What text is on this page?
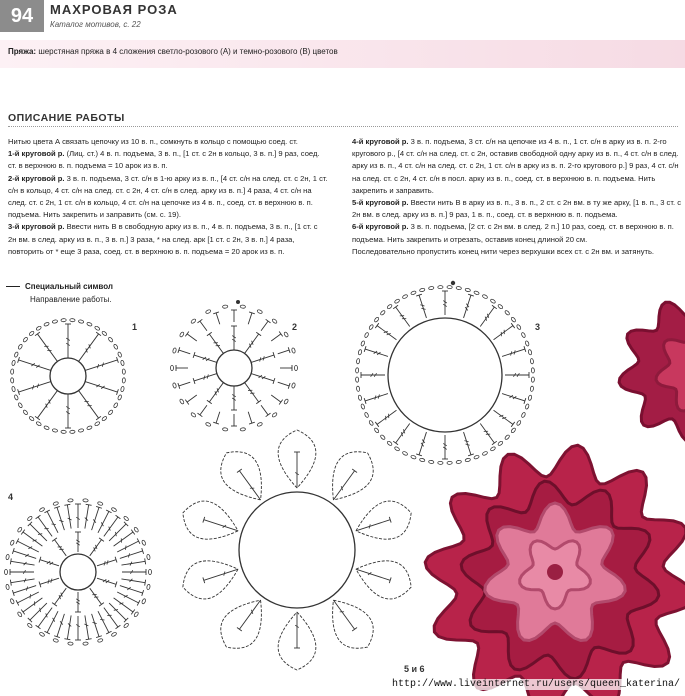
94	МАХРОВАЯ РОЗА
Каталог мотивов, с. 22
Пряжа: шерстяная пряжа в 4 сложения светло-розового (А) и темно-розового (В) цветов
ОПИСАНИЕ РАБОТЫ

Нитью цвета А связать цепочку из 10 в. п., сомкнуть в кольцо с помощью соед. ст.

1-й круговой р. (Лиц. ст.) 4 в. п. подъема, 3 в. п., [1 ст. с 2н в кольцо, 3 в. п.] 9 раз, соед. ст. в верхнюю в. п. подъема = 10 арок из в. п.

2-й круговой р. 3 в. п. подъема, 3 ст. с/н в 1-ю арку из в. п., [4 ст. с/н на след. ст. с 2н, 1 ст. с/н в кольцо, 4 ст. с/н на след. ст. с 2н, 4 ст. с/н в след. арку из в. п.] 4 раза, 4 ст. с/н на след. ст. с 2н, 1 ст. с/н в кольцо, 4 ст. с/н на цепочке из 4 в. п., соед. ст. в верхнюю в. п. подъема. Нить закрепить и заправить (см. с. 19).

3-й круговой р. Ввести нить В в свободную арку из в. п., 4 в. п. подъема, 3 в. п., [1 ст. с 2н вм. в след. арку из в. п., 3 в. п.] 3 раза, * на след. арк [1 ст. с 2н, 3 в. п.] 4 раза, повторить от * еще 3 раза, соед. ст. в верхнюю в. п. подъема = 20 арок из в. п.

4-й круговой р. 3 в. п. подъема, 3 ст. с/н на цепочке из 4 в. п., 1 ст. с/н в арку из в. п. 2-го кругового р., [4 ст. с/н на след. ст. с 2н, оставив свободной одну арку из в. п., 4 ст. с/н в след. арку из в. п., 4 ст. с/н на след. ст. с 2н, 1 ст. с/н в арку из в. п. 2-го кругового р.] 9 раз, 4 ст. с/н на след. ст. с 2н, 4 ст. с/н в посл. арку из в. п., соед. ст. в верхнюю в. п. подъема. Нить закрепить и заправить.

5-й круговой р. Ввести нить В в арку из в. п., 3 в. п., 2 ст. с 2н вм. в ту же арку, [1 в. п., 3 ст. с 2н вм. в след. арку из в. п.] 9 раз, 1 в. п., соед. ст. в верхнюю в. п. подъема.

6-й круговой р. 3 в. п. подъема, [2 ст. с 2н вм. в след. 2 п.] 10 раз, соед. ст. в верхнюю в. п. подъема. Нить закрепить и отрезать, оставив конец длиной 20 см.

Последовательно пропустить конец нити через верхушки всех ст. с 2н вм. и затянуть.

Специальный символ
Направление работы.
1	2	3
4
5 и 6
http://www.liveinternet.ru/users/queen_katerina/
